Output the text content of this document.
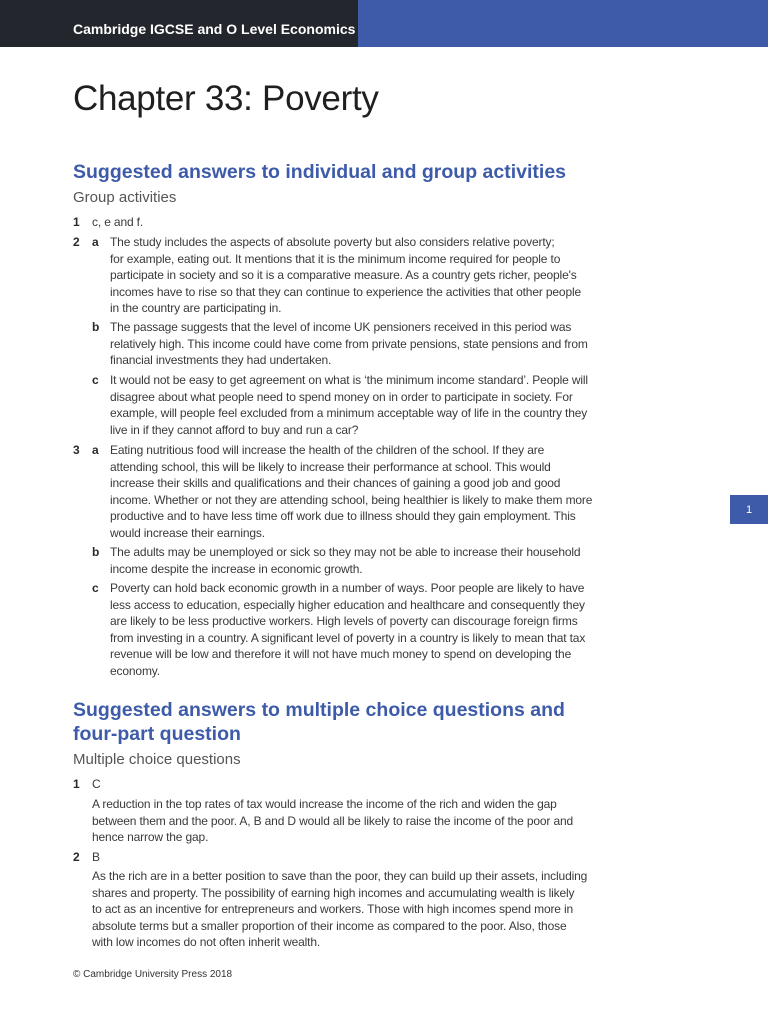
Cambridge IGCSE and O Level Economics
Chapter 33: Poverty
Suggested answers to individual and group activities
Group activities
1 c, e and f.
2 a The study includes the aspects of absolute poverty but also considers relative poverty;
for example, eating out. It mentions that it is the minimum income required for people to
participate in society and so it is a comparative measure. As a country gets richer, people's
incomes have to rise so that they can continue to experience the activities that other people
in the country are participating in.
b The passage suggests that the level of income UK pensioners received in this period was
relatively high. This income could have come from private pensions, state pensions and from
financial investments they had undertaken.
c It would not be easy to get agreement on what is ‘the minimum income standard’. People will
disagree about what people need to spend money on in order to participate in society. For
example, will people feel excluded from a minimum acceptable way of life in the country they
live in if they cannot afford to buy and run a car?
3 a Eating nutritious food will increase the health of the children of the school. If they are
attending school, this will be likely to increase their performance at school. This would
increase their skills and qualifications and their chances of gaining a good job and good
income. Whether or not they are attending school, being healthier is likely to make them more
productive and to have less time off work due to illness should they gain employment. This
would increase their earnings.
b The adults may be unemployed or sick so they may not be able to increase their household
income despite the increase in economic growth.
c Poverty can hold back economic growth in a number of ways. Poor people are likely to have
less access to education, especially higher education and healthcare and consequently they
are likely to be less productive workers. High levels of poverty can discourage foreign firms
from investing in a country. A significant level of poverty in a country is likely to mean that tax
revenue will be low and therefore it will not have much money to spend on developing the
economy.
Suggested answers to multiple choice questions and
four-part question
Multiple choice questions
1 C
A reduction in the top rates of tax would increase the income of the rich and widen the gap
between them and the poor. A, B and D would all be likely to raise the income of the poor and
hence narrow the gap.
2 B
As the rich are in a better position to save than the poor, they can build up their assets, including
shares and property. The possibility of earning high incomes and accumulating wealth is likely
to act as an incentive for entrepreneurs and workers. Those with high incomes spend more in
absolute terms but a smaller proportion of their income as compared to the poor. Also, those
with low incomes do not often inherit wealth.
1
© Cambridge University Press 2018
